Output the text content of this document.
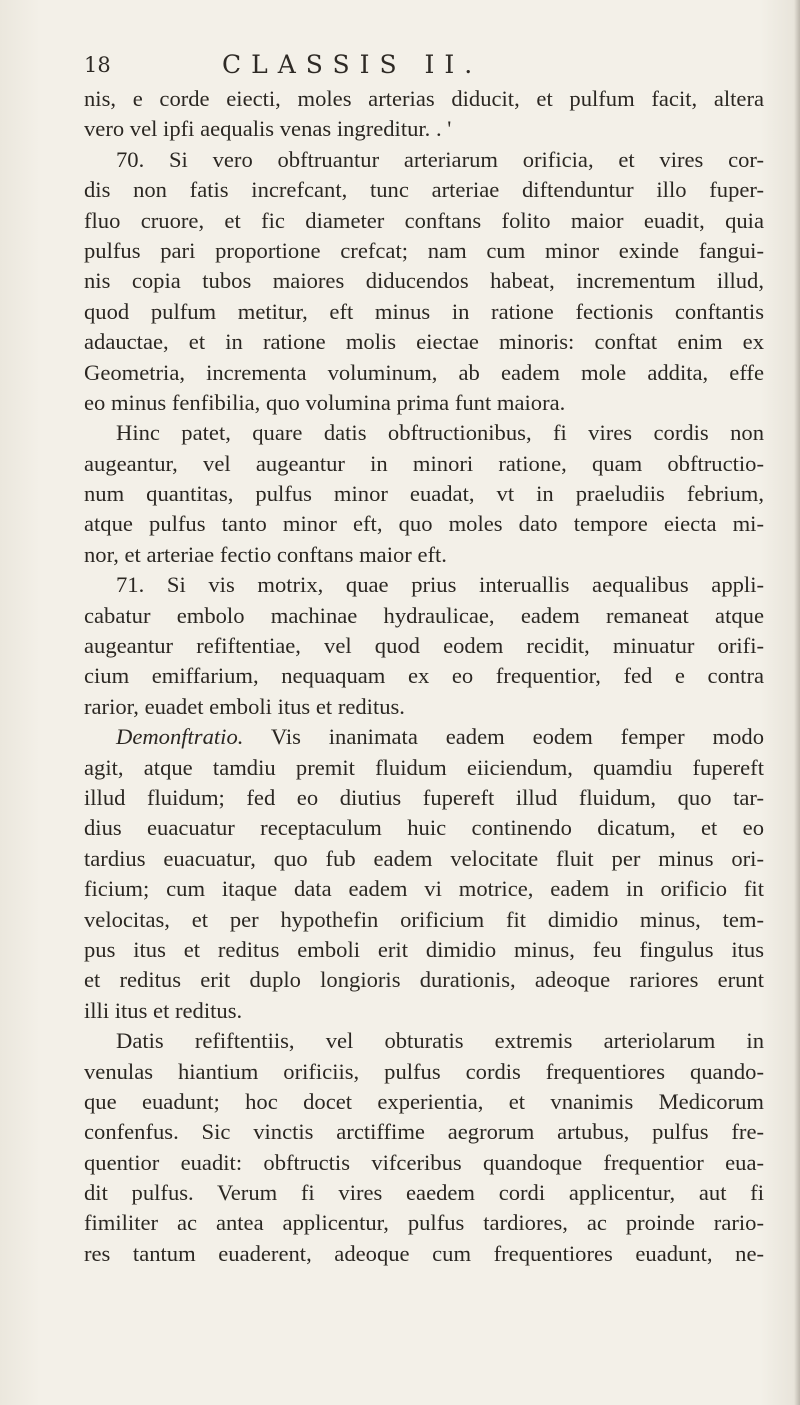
18	CLASSIS II.
nis, e corde eiecti, moles arterias diducit, et pulfum facit, altera
vero vel ipfi aequalis venas ingreditur. . '
70. Si vero obftruantur arteriarum orificia, et vires cor-
dis non fatis increfcant, tunc arteriae diftenduntur illo fuper-
fluo cruore, et fic diameter conftans folito maior euadit, quia
pulfus pari proportione crefcat; nam cum minor exinde fangui-
nis copia tubos maiores diducendos habeat, incrementum illud,
quod pulfum metitur, eft minus in ratione fectionis conftantis
adauctae, et in ratione molis eiectae minoris: conftat enim ex
Geometria, incrementa voluminum, ab eadem mole addita, effe
eo minus fenfibilia, quo volumina prima funt maiora.
Hinc patet, quare datis obftructionibus, fi vires cordis non
augeantur, vel augeantur in minori ratione, quam obftructio-
num quantitas, pulfus minor euadat, vt in praeludiis febrium,
atque pulfus tanto minor eft, quo moles dato tempore eiecta mi-
nor, et arteriae fectio conftans maior eft.
71. Si vis motrix, quae prius interuallis aequalibus appli-
cabatur embolo machinae hydraulicae, eadem remaneat atque
augeantur refiftentiae, vel quod eodem recidit, minuatur orifi-
cium emiffarium, nequaquam ex eo frequentior, fed e contra
rarior, euadet emboli itus et reditus.
Demonftratio. Vis inanimata eadem eodem femper modo
agit, atque tamdiu premit fluidum eiiciendum, quamdiu fupereft
illud fluidum; fed eo diutius fupereft illud fluidum, quo tar-
dius euacuatur receptaculum huic continendo dicatum, et eo
tardius euacuatur, quo fub eadem velocitate fluit per minus ori-
ficium; cum itaque data eadem vi motrice, eadem in orificio fit
velocitas, et per hypothefin orificium fit dimidio minus, tem-
pus itus et reditus emboli erit dimidio minus, feu fingulus itus
et reditus erit duplo longioris durationis, adeoque rariores erunt
illi itus et reditus.
Datis refiftentiis, vel obturatis extremis arteriolarum in
venulas hiantium orificiis, pulfus cordis frequentiores quando-
que euadunt; hoc docet experientia, et vnanimis Medicorum
confenfus. Sic vinctis arctiffime aegrorum artubus, pulfus fre-
quentior euadit: obftructis vifceribus quandoque frequentior eua-
dit pulfus. Verum fi vires eaedem cordi applicentur, aut fi
fimiliter ac antea applicentur, pulfus tardiores, ac proinde rario-
res tantum euaderent, adeoque cum frequentiores euadunt, ne-
